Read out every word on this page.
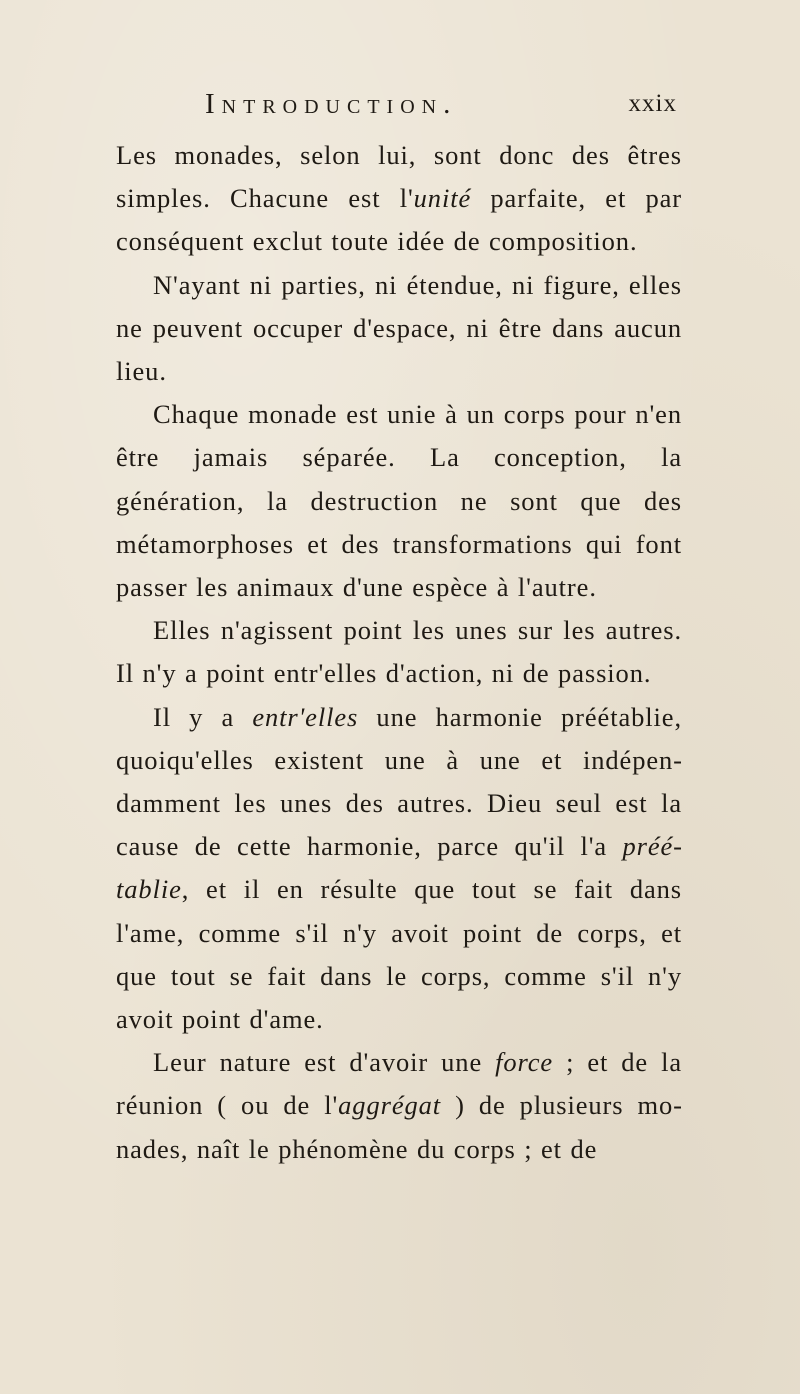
Introduction.	xxix

Les monades, selon lui, sont donc des êtres simples. Chacune est l'unité parfaite, et par conséquent exclut toute idée de composition.

N'ayant ni parties, ni étendue, ni figure, elles ne peuvent occuper d'espace, ni être dans aucun lieu.

Chaque monade est unie à un corps pour n'en être jamais séparée. La conception, la génération, la destruction ne sont que des métamorphoses et des transformations qui font passer les animaux d'une espèce à l'autre.

Elles n'agissent point les unes sur les autres. Il n'y a point entr'elles d'action, ni de passion.

Il y a entr'elles une harmonie préétablie, quoiqu'elles existent une à une et indépendamment les unes des autres. Dieu seul est la cause de cette harmonie, parce qu'il l'a préétablie, et il en résulte que tout se fait dans l'ame, comme s'il n'y avoit point de corps, et que tout se fait dans le corps, comme s'il n'y avoit point d'ame.

Leur nature est d'avoir une force ; et de la réunion ( ou de l'aggrégat ) de plusieurs monades, naît le phénomène du corps ; et de
